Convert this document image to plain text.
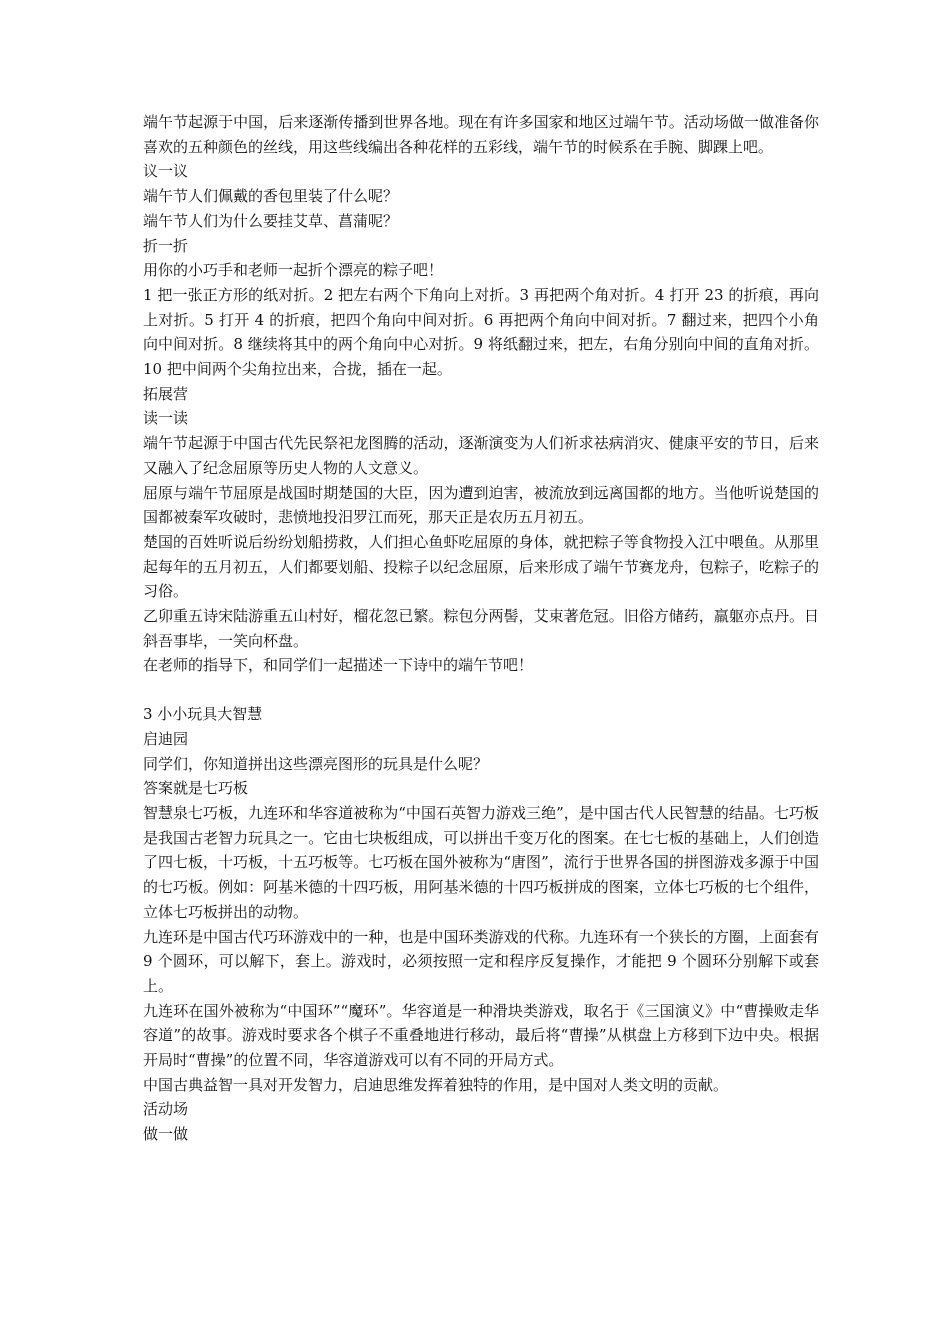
端午节起源于中国，后来逐渐传播到世界各地。现在有许多国家和地区过端午节。活动场做一做准备你喜欢的五种颜色的丝线，用这些线编出各种花样的五彩线，端午节的时候系在手腕、脚踝上吧。

议一议

端午节人们佩戴的香包里装了什么呢？

端午节人们为什么要挂艾草、菖蒲呢？

折一折

用你的小巧手和老师一起折个漂亮的粽子吧！

1 把一张正方形的纸对折。2 把左右两个下角向上对折。3 再把两个角对折。4 打开 23 的折痕，再向上对折。5 打开 4 的折痕，把四个角向中间对折。6 再把两个角向中间对折。7 翻过来，把四个小角向中间对折。8 继续将其中的两个角向中心对折。9 将纸翻过来，把左，右角分别向中间的直角对折。10 把中间两个尖角拉出来，合拢，插在一起。

拓展营

读一读

端午节起源于中国古代先民祭祀龙图腾的活动，逐渐演变为人们祈求祛病消灾、健康平安的节日，后来又融入了纪念屈原等历史人物的人文意义。

屈原与端午节屈原是战国时期楚国的大臣，因为遭到迫害，被流放到远离国都的地方。当他听说楚国的国都被秦军攻破时，悲愤地投汨罗江而死，那天正是农历五月初五。

楚国的百姓听说后纷纷划船捞救，人们担心鱼虾吃屈原的身体，就把粽子等食物投入江中喂鱼。从那里起每年的五月初五，人们都要划船、投粽子以纪念屈原，后来形成了端午节赛龙舟，包粽子，吃粽子的习俗。

乙卯重五诗宋陆游重五山村好，榴花忽已繁。粽包分两髻，艾束著危冠。旧俗方储药，羸躯亦点丹。日斜吾事毕，一笑向杯盘。

在老师的指导下，和同学们一起描述一下诗中的端午节吧！

3 小小玩具大智慧

启迪园

同学们，你知道拼出这些漂亮图形的玩具是什么呢？

答案就是七巧板

智慧泉七巧板，九连环和华容道被称为“中国石英智力游戏三绝”，是中国古代人民智慧的结晶。七巧板是我国古老智力玩具之一。它由七块板组成，可以拼出千变万化的图案。在七七板的基础上，人们创造了四七板，十巧板，十五巧板等。七巧板在国外被称为“唐图”，流行于世界各国的拼图游戏多源于中国的七巧板。例如：阿基米德的十四巧板，用阿基米德的十四巧板拼成的图案，立体七巧板的七个组件，立体七巧板拼出的动物。

九连环是中国古代巧环游戏中的一种，也是中国环类游戏的代称。九连环有一个狭长的方圈，上面套有 9 个圆环，可以解下，套上。游戏时，必须按照一定和程序反复操作，才能把 9 个圆环分别解下或套上。

九连环在国外被称为“中国环”“魔环”。华容道是一种滑块类游戏，取名于《三国演义》中“曹操败走华容道”的故事。游戏时要求各个棋子不重叠地进行移动，最后将“曹操”从棋盘上方移到下边中央。根据开局时“曹操”的位置不同，华容道游戏可以有不同的开局方式。

中国古典益智一具对开发智力，启迪思维发挥着独特的作用，是中国对人类文明的贡献。

活动场

做一做
